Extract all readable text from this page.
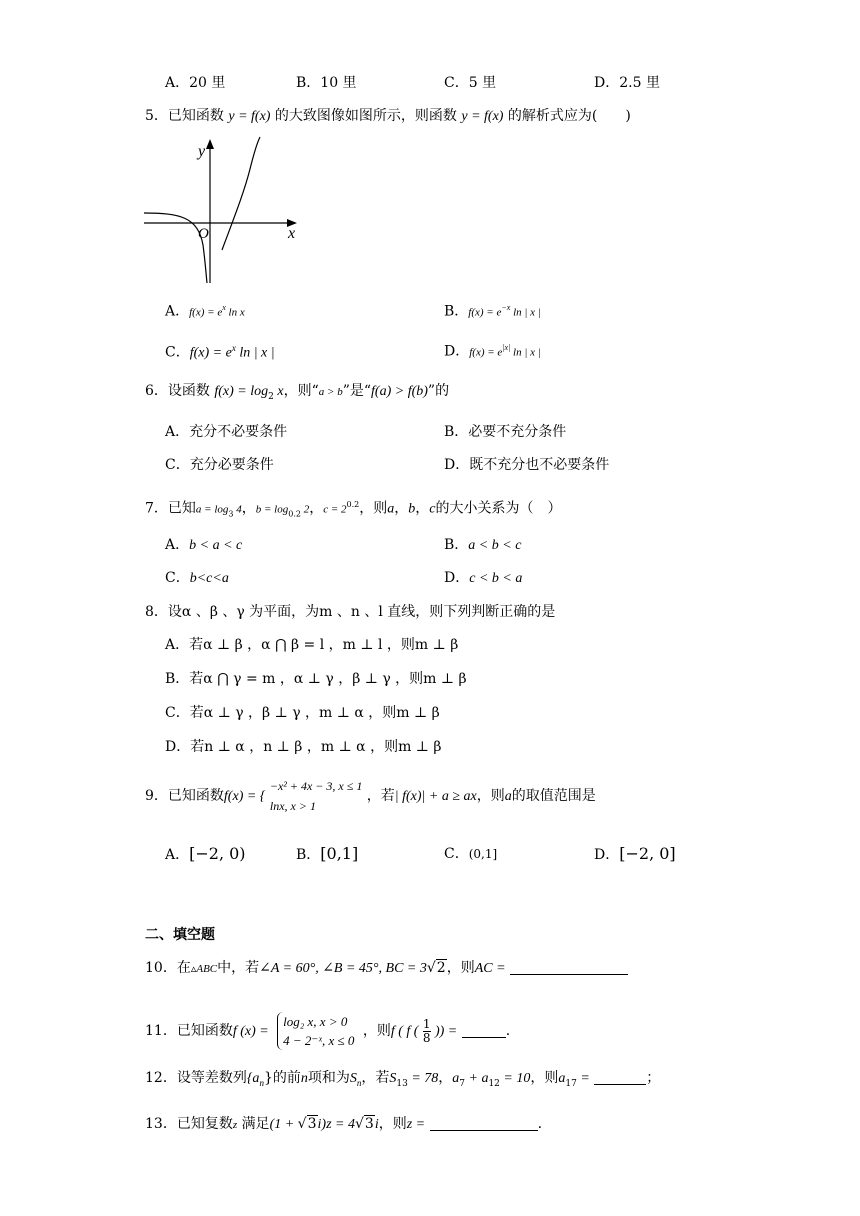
A．20 里	B．10 里	C．5 里	D．2.5 里
5．已知函数 y = f(x) 的大致图像如图所示，则函数 y = f(x) 的解析式应为(　　)
y
x
O
A．$f(x) = e^x$ ln x	B．$f(x) = e^{-x}$ ln | x |
C．$f(x) = e^x$ ln | x |	D．$f(x) = e^{|x|}$ ln | x |
6．设函数 $f(x) = \log_2 x$，则“a > b”是“f(a) > f(b)”的
A．充分不必要条件	B．必要不充分条件
C．充分必要条件	D．既不充分也不必要条件
7．已知$a = \log_3 4$，$b = \log_{0.2} 2$，$c = 2^{0.2}$，则a，b，c的大小关系为（　）
A．b < a < c	B．a < b < c
C．b<c<a	D．c < b < a
8．设α 、β 、γ 为平面，为m 、n 、l 直线，则下列判断正确的是
A．若α ⊥ β ，α ⋂ β = l ，m ⊥ l ，则m ⊥ β
B．若α ⋂ γ = m ，α ⊥ γ ，β ⊥ γ ，则m ⊥ β
C．若α ⊥ γ ，β ⊥ γ ，m ⊥ α ，则m ⊥ β
D．若n ⊥ α ，n ⊥ β ，m ⊥ α ，则m ⊥ β
9．已知函数f(x) = {
−x² + 4x − 3, x ≤ 1
lnx, x > 1
，若| f(x)| + a ≥ ax，则a的取值范围是
A．[−2, 0)	B．[0,1]	C．(0,1]	D．[−2, 0]
二、填空题
10．在▵ABC中，若∠A = 60°, ∠B = 45°, BC = 3√2，则AC =
11．已知函数f (x) =
log₂ x, x > 0
4 − 2⁻ˣ, x ≤ 0
，则f ( f ( $\frac{1}{8}$ )) =	.
12．设等差数列$\{a_n\}$的前n项和为$S_n$，若$S_{13} = 78$，$a_7 + a_{12} = 10$，则$a_{17}$ =	；
13．已知复数z 满足(1 + √3i)z = 4√3i，则z =	.
